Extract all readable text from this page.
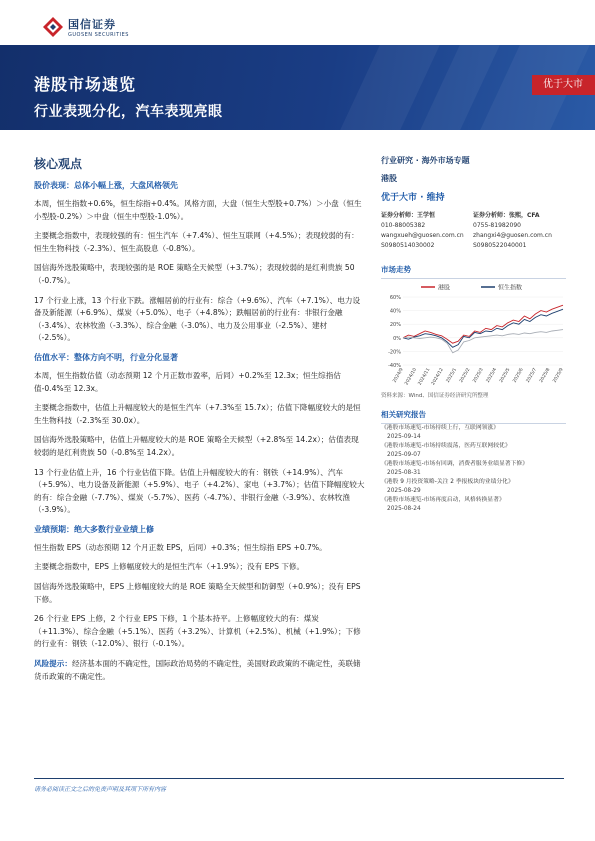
国信证券
GUOSEN SECURITIES
港股市场速览
行业表现分化，汽车表现亮眼
优于大市
核心观点
股价表现：总体小幅上涨，大盘风格领先
本周，恒生指数+0.6%，恒生综指+0.4%。风格方面，大盘（恒生大型股+0.7%）＞小盘（恒生小型股-0.2%）＞中盘（恒生中型股-1.0%）。
主要概念指数中，表现较强的有：恒生汽车（+7.4%）、恒生互联网（+4.5%）；表现较弱的有：恒生生物科技（-2.3%）、恒生高股息（-0.8%）。
国信海外选股策略中，表现较强的是 ROE 策略全天候型（+3.7%）；表现较弱的是红利贵族 50（-0.7%）。
17 个行业上涨，13 个行业下跌。涨幅居前的行业有：综合（+9.6%）、汽车（+7.1%）、电力设备及新能源（+6.9%）、煤炭（+5.0%）、电子（+4.8%）；跌幅居前的行业有：非银行金融（-3.4%）、农林牧渔（-3.3%）、综合金融（-3.0%）、电力及公用事业（-2.5%）、建材（-2.5%）。
估值水平：整体方向不明，行业分化显著
本周，恒生指数估值（动态预期 12 个月正数市盈率，后同）+0.2%至 12.3x；恒生综指估值-0.4%至 12.3x。
主要概念指数中，估值上升幅度较大的是恒生汽车（+7.3%至 15.7x）；估值下降幅度较大的是恒生生物科技（-2.3%至 30.0x）。
国信海外选股策略中，估值上升幅度较大的是 ROE 策略全天候型（+2.8%至 14.2x）；估值表现较弱的是红利贵族 50（-0.8%至 14.2x）。
13 个行业估值上升，16 个行业估值下降。估值上升幅度较大的有：钢铁（+14.9%）、汽车（+5.9%）、电力设备及新能源（+5.9%）、电子（+4.2%）、家电（+3.7%）；估值下降幅度较大的有：综合金融（-7.7%）、煤炭（-5.7%）、医药（-4.7%）、非银行金融（-3.9%）、农林牧渔（-3.9%）。
业绩预期：绝大多数行业业绩上修
恒生指数 EPS（动态预期 12 个月正数 EPS，后同）+0.3%；恒生综指 EPS +0.7%。
主要概念指数中，EPS 上修幅度较大的是恒生汽车（+1.9%）；没有 EPS 下修。
国信海外选股策略中，EPS 上修幅度较大的是 ROE 策略全天候型和防御型（+0.9%）；没有 EPS 下修。
26 个行业 EPS 上修，2 个行业 EPS 下修，1 个基本持平。上修幅度较大的有：煤炭（+11.3%）、综合金融（+5.1%）、医药（+3.2%）、计算机（+2.5%）、机械（+1.9%）；下修的行业有：钢铁（-12.0%）、银行（-0.1%）。
风险提示：经济基本面的不确定性，国际政治局势的不确定性，美国财政政策的不确定性，美联储货币政策的不确定性。
行业研究 · 海外市场专题
港股
优于大市 · 维持
证券分析师：王学恒
010-88005382
wangxueh@guosen.com.cn
S0980514030002
证券分析师：张熙，CFA
0755-81982090
zhangxi4@guosen.com.cn
S0980522040001
市场走势
港股	恒生指数
60%
40%
20%
0%
-20%
-40%
2024/9 2024/10 2024/11 2024/12 2025/1 2025/2 2025/3 2025/4 2025/5 2025/6 2025/7 2025/8 2025/9
资料来源：Wind、国信证券经济研究所整理
相关研究报告
《港股市场速览-市场持续上行，互联网领涨》
2025-09-14
《港股市场速览-市场持续震荡，医药互联网较优》
2025-09-07
《港股市场速览-市场有回调，消费者服务业绩显著下修》
2025-08-31
《港股 9 月投资策略-关注 2 季报板块的业绩分化》
2025-08-29
《港股市场速览-市场再度启动，风格转换显著》
2025-08-24
请务必阅读正文之后的免责声明及其项下所有内容
